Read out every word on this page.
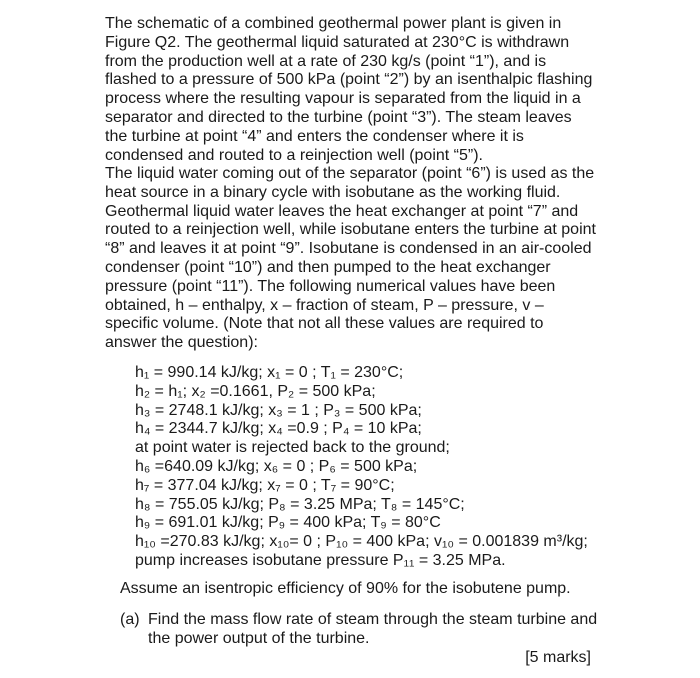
The schematic of a combined geothermal power plant is given in
Figure Q2. The geothermal liquid saturated at 230°C is withdrawn
from the production well at a rate of 230 kg/s (point “1”), and is
flashed to a pressure of 500 kPa (point “2”) by an isenthalpic flashing
process where the resulting vapour is separated from the liquid in a
separator and directed to the turbine (point “3”). The steam leaves
the turbine at point “4” and enters the condenser where it is
condensed and routed to a reinjection well (point “5”).

The liquid water coming out of the separator (point “6”) is used as the
heat source in a binary cycle with isobutane as the working fluid.
Geothermal liquid water leaves the heat exchanger at point “7” and
routed to a reinjection well, while isobutane enters the turbine at point
“8” and leaves it at point “9”. Isobutane is condensed in an air-cooled
condenser (point “10”) and then pumped to the heat exchanger
pressure (point “11”). The following numerical values have been
obtained, h – enthalpy, x – fraction of steam, P – pressure, v –
specific volume. (Note that not all these values are required to
answer the question):

h₁ = 990.14 kJ/kg; x₁ = 0 ; T₁ = 230°C;
h₂ = h₁; x₂ =0.1661, P₂ = 500 kPa;
h₃ = 2748.1 kJ/kg; x₃ = 1 ; P₃ = 500 kPa;
h₄ = 2344.7 kJ/kg; x₄ =0.9 ; P₄ = 10 kPa;
at point water is rejected back to the ground;
h₆ =640.09 kJ/kg; x₆ = 0 ; P₆ = 500 kPa;
h₇ = 377.04 kJ/kg; x₇ = 0 ; T₇ = 90°C;
h₈ = 755.05 kJ/kg; P₈ = 3.25 MPa; T₈ = 145°C;
h₉ = 691.01 kJ/kg; P₉ = 400 kPa; T₉ = 80°C
h₁₀ =270.83 kJ/kg; x₁₀= 0 ; P₁₀ = 400 kPa; v₁₀ = 0.001839 m³/kg;
pump increases isobutane pressure P₁₁ = 3.25 MPa.

Assume an isentropic efficiency of 90% for the isobutene pump.

(a) Find the mass flow rate of steam through the steam turbine and
the power output of the turbine.

[5 marks]
